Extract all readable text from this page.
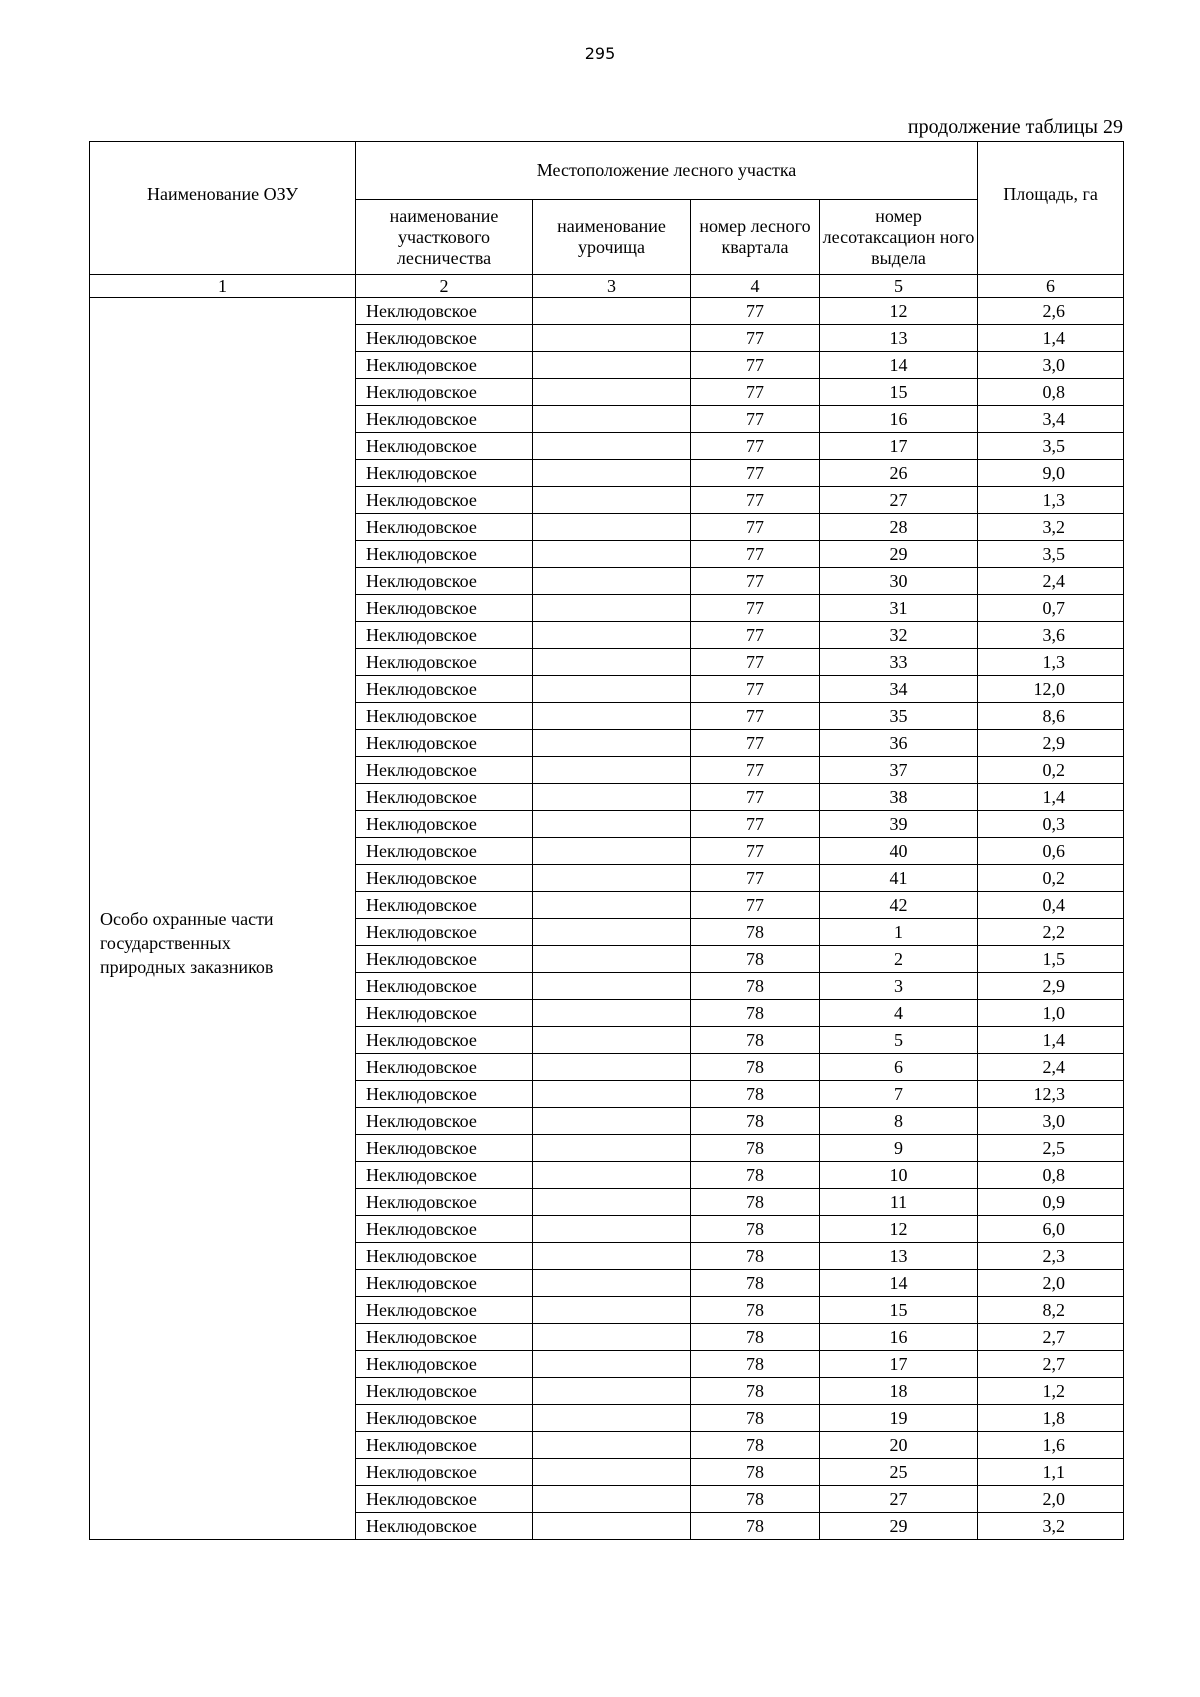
295
продолжение таблицы 29
Наименование ОЗУ	Местоположение лесного участка				Площадь, га
	наименование участкового лесничества	наименование урочища	номер лесного квартала	номер лесотаксацион ного выдела	
1	2	3	4	5	6

Особо охранные части
государственных
природных заказников	Неклюдовское		77	12	2,6
	Неклюдовское		77	13	1,4
	Неклюдовское		77	14	3,0
	Неклюдовское		77	15	0,8
	Неклюдовское		77	16	3,4
	Неклюдовское		77	17	3,5
	Неклюдовское		77	26	9,0
	Неклюдовское		77	27	1,3
	Неклюдовское		77	28	3,2
	Неклюдовское		77	29	3,5
	Неклюдовское		77	30	2,4
	Неклюдовское		77	31	0,7
	Неклюдовское		77	32	3,6
	Неклюдовское		77	33	1,3
	Неклюдовское		77	34	12,0
	Неклюдовское		77	35	8,6
	Неклюдовское		77	36	2,9
	Неклюдовское		77	37	0,2
	Неклюдовское		77	38	1,4
	Неклюдовское		77	39	0,3
	Неклюдовское		77	40	0,6
	Неклюдовское		77	41	0,2
	Неклюдовское		77	42	0,4
	Неклюдовское		78	1	2,2
	Неклюдовское		78	2	1,5
	Неклюдовское		78	3	2,9
	Неклюдовское		78	4	1,0
	Неклюдовское		78	5	1,4
	Неклюдовское		78	6	2,4
	Неклюдовское		78	7	12,3
	Неклюдовское		78	8	3,0
	Неклюдовское		78	9	2,5
	Неклюдовское		78	10	0,8
	Неклюдовское		78	11	0,9
	Неклюдовское		78	12	6,0
	Неклюдовское		78	13	2,3
	Неклюдовское		78	14	2,0
	Неклюдовское		78	15	8,2
	Неклюдовское		78	16	2,7
	Неклюдовское		78	17	2,7
	Неклюдовское		78	18	1,2
	Неклюдовское		78	19	1,8
	Неклюдовское		78	20	1,6
	Неклюдовское		78	25	1,1
	Неклюдовское		78	27	2,0
	Неклюдовское		78	29	3,2
